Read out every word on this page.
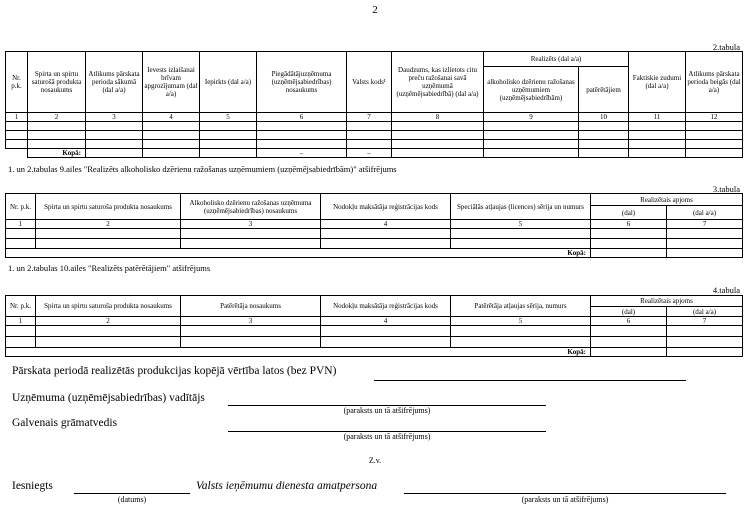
2
2.tabula
Nr. p.k.	Spirta un spirtu saturošā produkta nosaukums	Atlikums pārskata perioda sākumā (dal a/a)	Ievests izlaišanai brīvam apgrozījumam (dal a/a)	Iepirkts (dal a/a)	Piegādātājuzņēmuma (uzņēmējsabiedrības) nosaukums	Valsts kods¹	Daudzums, kas izlietots citu preču ražošanai savā uzņēmumā (uzņēmējsabiedrībā) (dal a/a)	Realizēts (dal a/a)		Faktiskie zudumi (dal a/a)	Atlikums pārskata perioda beigās (dal a/a)
								alkoholisko dzērienu ražošanas uzņēmumiem (uzņēmējsabiedrībām)	patērētājiem		
1	2	3	4	5	6	7	8	9	10	11	12

	Kopā:				–	–					
1. un 2.tabulas 9.ailes "Realizēts alkoholisko dzērienu ražošanas uzņēmumiem (uzņēmējsabiedrībām)" atšifrējums
3.tabula
Nr. p.k.	Spirta un spirtu saturoša produkta nosaukums	Alkoholisko dzērienu ražošanas uzņēmuma (uzņēmējsabiedrības) nosaukums	Nodokļu maksātāja reģistrācijas kods	Speciālās atļaujas (licences) sērija un numurs	Realizētais apjoms	
					(dal)	(dal a/a)
1	2	3	4	5	6	7

Kopā:						
1. un 2.tabulas 10.ailes "Realizēts patērētājiem" atšifrējums
4.tabula
Nr. p.k.	Spirta un spirtu saturoša produkta nosaukums	Patērētāja nosaukums	Nodokļu maksātāja reģistrācijas kods	Patērētāja atļaujas sērija, numurs	Realizētais apjoms	
					(dal)	(dal a/a)
1	2	3	4	5	6	7

Kopā:						
Pārskata periodā realizētās produkcijas kopējā vērtība latos (bez PVN)
Uzņēmuma (uzņēmējsabiedrības) vadītājs
(paraksts un tā atšifrējums)
Galvenais grāmatvedis
(paraksts un tā atšifrējums)
Z.v.
Iesniegts
(datums)
Valsts ieņēmumu dienesta amatpersona
(paraksts un tā atšifrējums)
